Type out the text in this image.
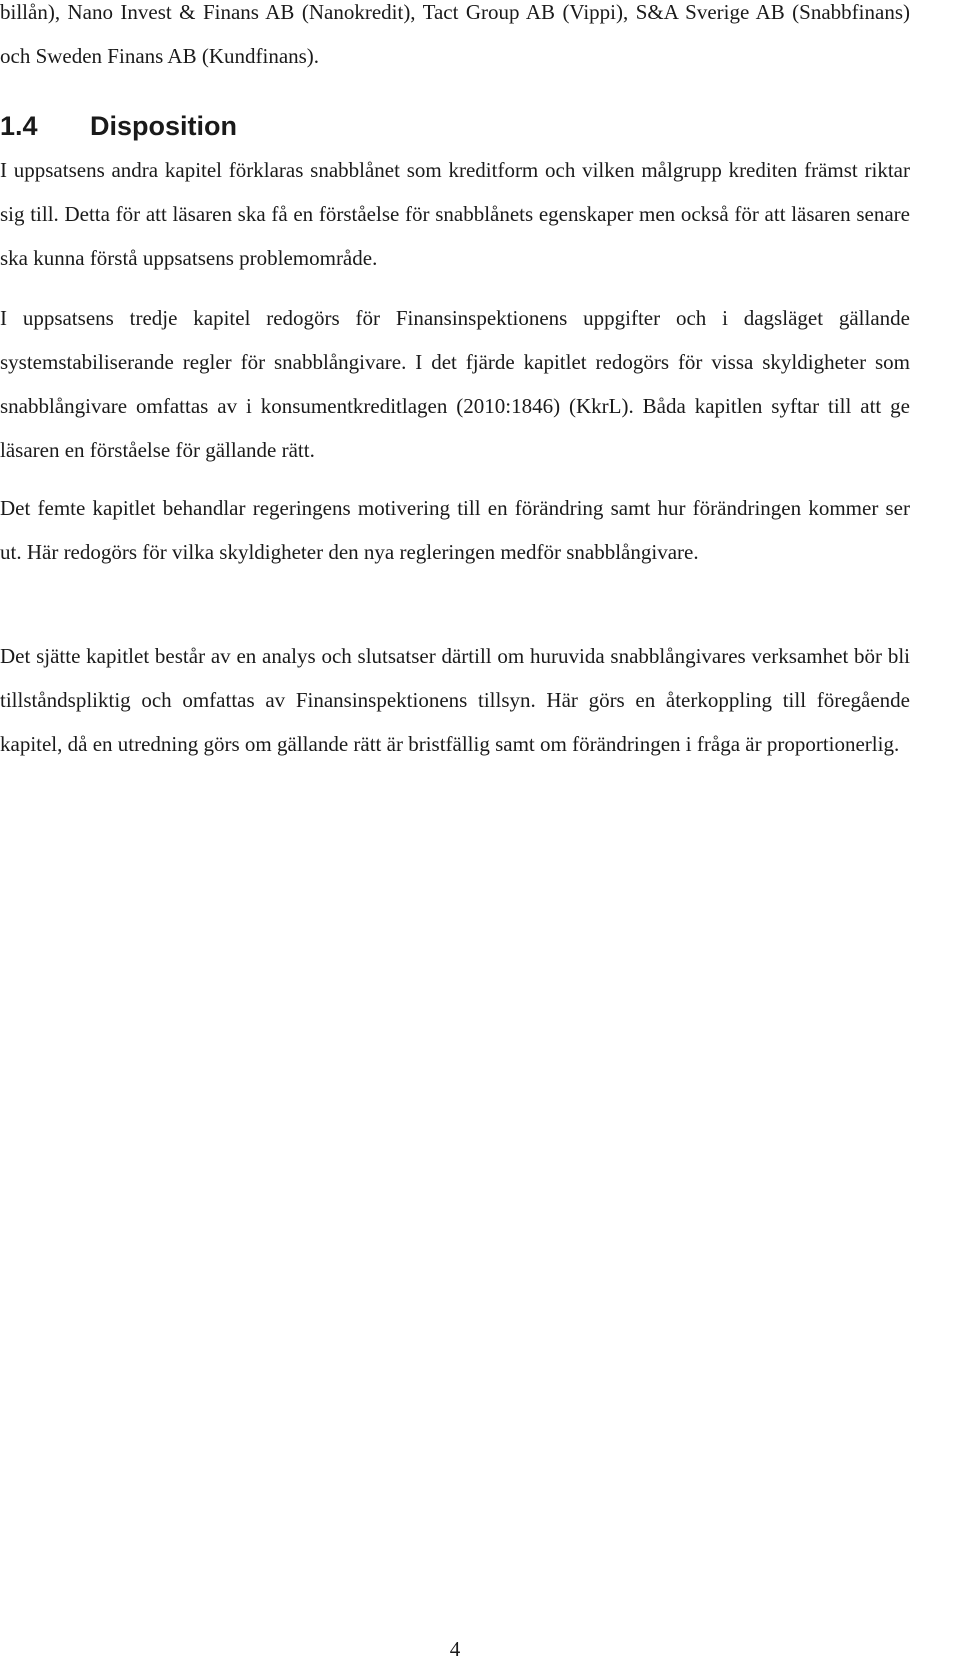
billån), Nano Invest & Finans AB (Nanokredit), Tact Group AB (Vippi), S&A Sverige AB (Snabbfinans) och Sweden Finans AB (Kundfinans).

1.4 Disposition

I uppsatsens andra kapitel förklaras snabblånet som kreditform och vilken målgrupp krediten främst riktar sig till. Detta för att läsaren ska få en förståelse för snabblånets egenskaper men också för att läsaren senare ska kunna förstå uppsatsens problemområde.

I uppsatsens tredje kapitel redogörs för Finansinspektionens uppgifter och i dagsläget gällande systemstabiliserande regler för snabblångivare. I det fjärde kapitlet redogörs för vissa skyldigheter som snabblångivare omfattas av i konsumentkreditlagen (2010:1846) (KkrL). Båda kapitlen syftar till att ge läsaren en förståelse för gällande rätt.

Det femte kapitlet behandlar regeringens motivering till en förändring samt hur förändringen kommer ser ut. Här redogörs för vilka skyldigheter den nya regleringen medför snabblångivare.

Det sjätte kapitlet består av en analys och slutsatser därtill om huruvida snabblångivares verksamhet bör bli tillståndspliktig och omfattas av Finansinspektionens tillsyn. Här görs en återkoppling till föregående kapitel, då en utredning görs om gällande rätt är bristfällig samt om förändringen i fråga är proportionerlig.

4
